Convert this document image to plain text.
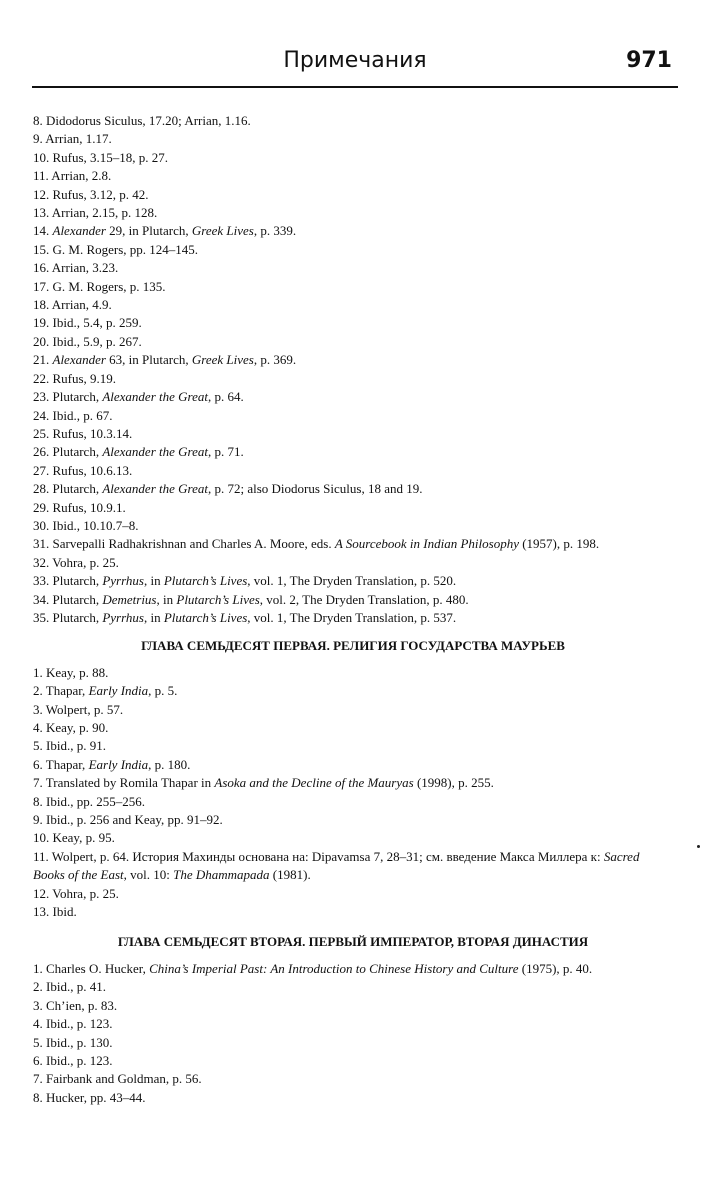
Примечания	971
8. Didodorus Siculus, 17.20; Arrian, 1.16.
9. Arrian, 1.17.
10. Rufus, 3.15–18, p. 27.
11. Arrian, 2.8.
12. Rufus, 3.12, p. 42.
13. Arrian, 2.15, p. 128.
14. Alexander 29, in Plutarch, Greek Lives, p. 339.
15. G. M. Rogers, pp. 124–145.
16. Arrian, 3.23.
17. G. M. Rogers, p. 135.
18. Arrian, 4.9.
19. Ibid., 5.4, p. 259.
20. Ibid., 5.9, p. 267.
21. Alexander 63, in Plutarch, Greek Lives, p. 369.
22. Rufus, 9.19.
23. Plutarch, Alexander the Great, p. 64.
24. Ibid., p. 67.
25. Rufus, 10.3.14.
26. Plutarch, Alexander the Great, p. 71.
27. Rufus, 10.6.13.
28. Plutarch, Alexander the Great, p. 72; also Diodorus Siculus, 18 and 19.
29. Rufus, 10.9.1.
30. Ibid., 10.10.7–8.
31. Sarvepalli Radhakrishnan and Charles A. Moore, eds. A Sourcebook in Indian Philosophy (1957), p. 198.
32. Vohra, p. 25.
33. Plutarch, Pyrrhus, in Plutarch’s Lives, vol. 1, The Dryden Translation, p. 520.
34. Plutarch, Demetrius, in Plutarch’s Lives, vol. 2, The Dryden Translation, p. 480.
35. Plutarch, Pyrrhus, in Plutarch’s Lives, vol. 1, The Dryden Translation, p. 537.
ГЛАВА СЕМЬДЕСЯТ ПЕРВАЯ. РЕЛИГИЯ ГОСУДАРСТВА МАУРЬЕВ
1. Keay, p. 88.
2. Thapar, Early India, p. 5.
3. Wolpert, p. 57.
4. Keay, p. 90.
5. Ibid., p. 91.
6. Thapar, Early India, p. 180.
7. Translated by Romila Thapar in Asoka and the Decline of the Mauryas (1998), p. 255.
8. Ibid., pp. 255–256.
9. Ibid., p. 256 and Keay, pp. 91–92.
10. Keay, p. 95.
11. Wolpert, p. 64. История Махинды основана на: Dipavamsa 7, 28–31; см. введение Макса Миллера к: Sacred Books of the East, vol. 10: The Dhammapada (1981).
12. Vohra, p. 25.
13. Ibid.
ГЛАВА СЕМЬДЕСЯТ ВТОРАЯ. ПЕРВЫЙ ИМПЕРАТОР, ВТОРАЯ ДИНАСТИЯ
1. Charles O. Hucker, China’s Imperial Past: An Introduction to Chinese History and Culture (1975), p. 40.
2. Ibid., p. 41.
3. Ch’ien, p. 83.
4. Ibid., p. 123.
5. Ibid., p. 130.
6. Ibid., p. 123.
7. Fairbank and Goldman, p. 56.
8. Hucker, pp. 43–44.
